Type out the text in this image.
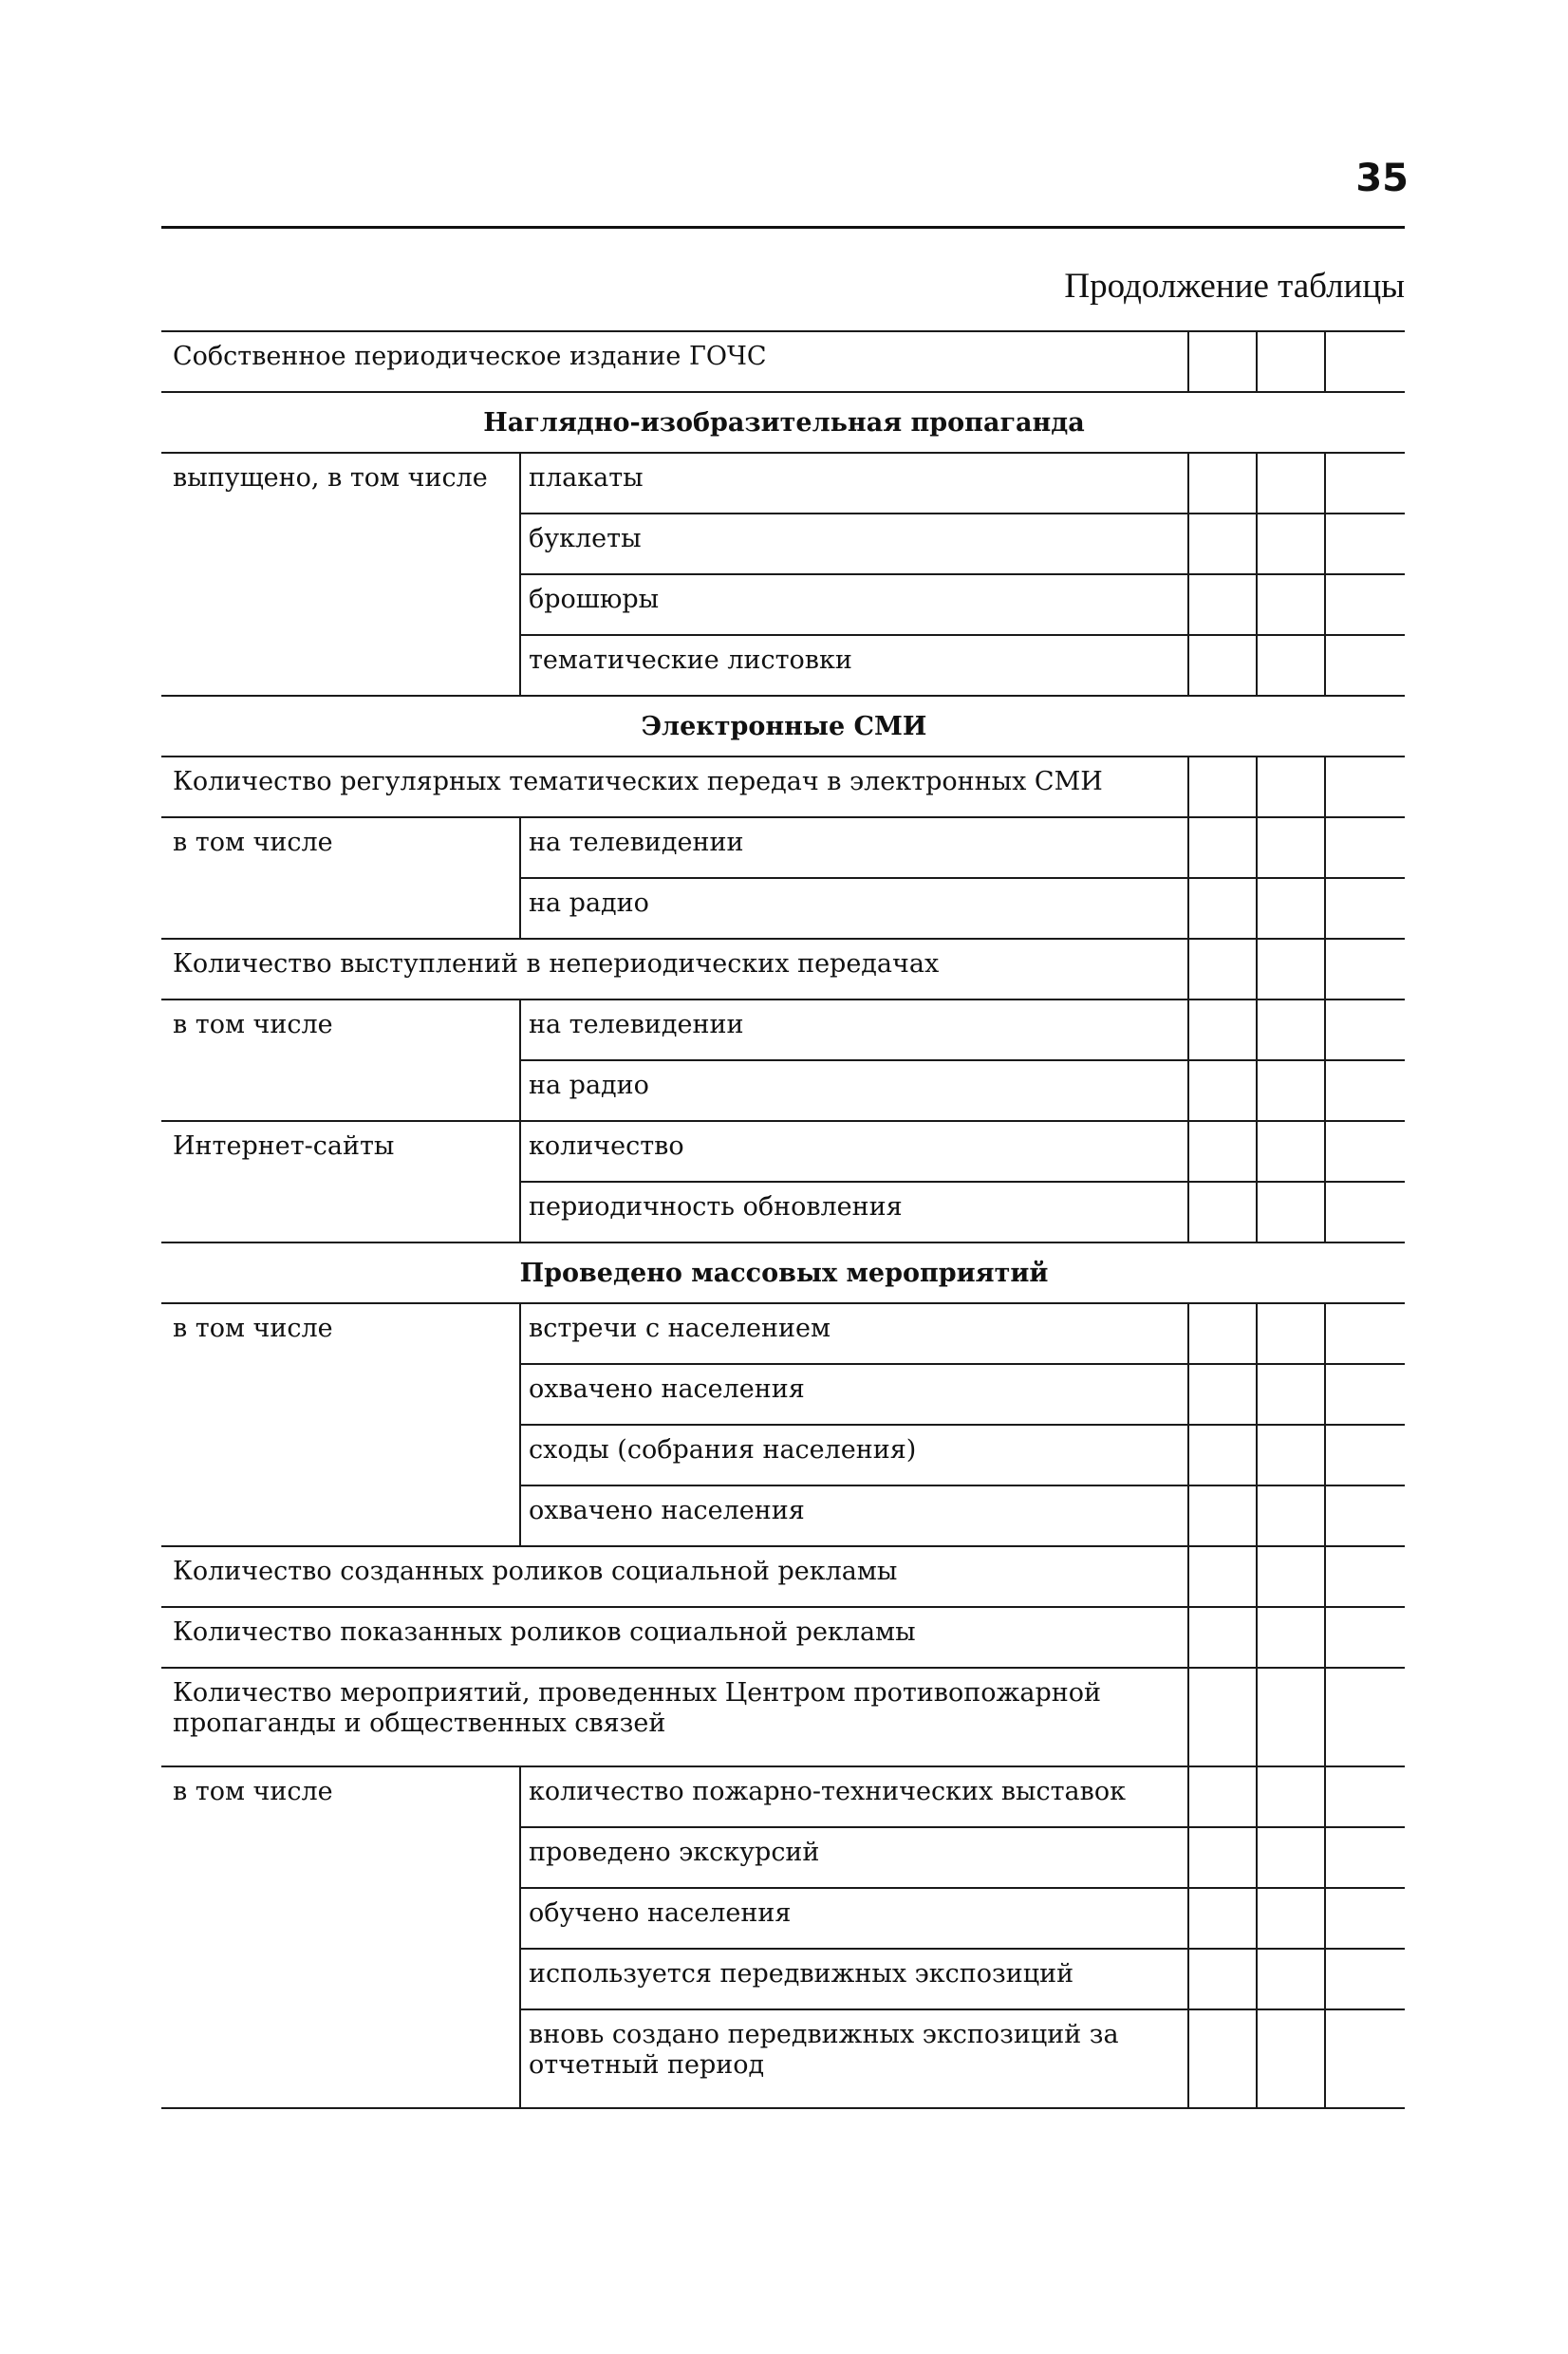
35
Продолжение таблицы
Собственное периодическое издание ГОЧС				
Наглядно-изобразительная пропаганда				
выпущено, в том числе	плакаты			
	буклеты			
	брошюры			
	тематические листовки			
Электронные СМИ				
Количество регулярных тематических передач в электронных СМИ				
в том числе	на телевидении			
	на радио			
Количество выступлений в непериодических передачах				
в том числе	на телевидении			
	на радио			
Интернет-сайты	количество			
	периодичность обновления			
Проведено массовых мероприятий				
в том числе	встречи с населением			
	охвачено населения			
	сходы (собрания населения)			
	охвачено населения			
Количество созданных роликов социальной рекламы				
Количество показанных роликов социальной рекламы				
Количество мероприятий, проведенных Центром противопожарной пропаганды и общественных связей				
в том числе	количество пожарно-технических выставок			
	проведено экскурсий			
	обучено населения			
	используется передвижных экспозиций			
	вновь создано передвижных экспозиций за отчетный период			
